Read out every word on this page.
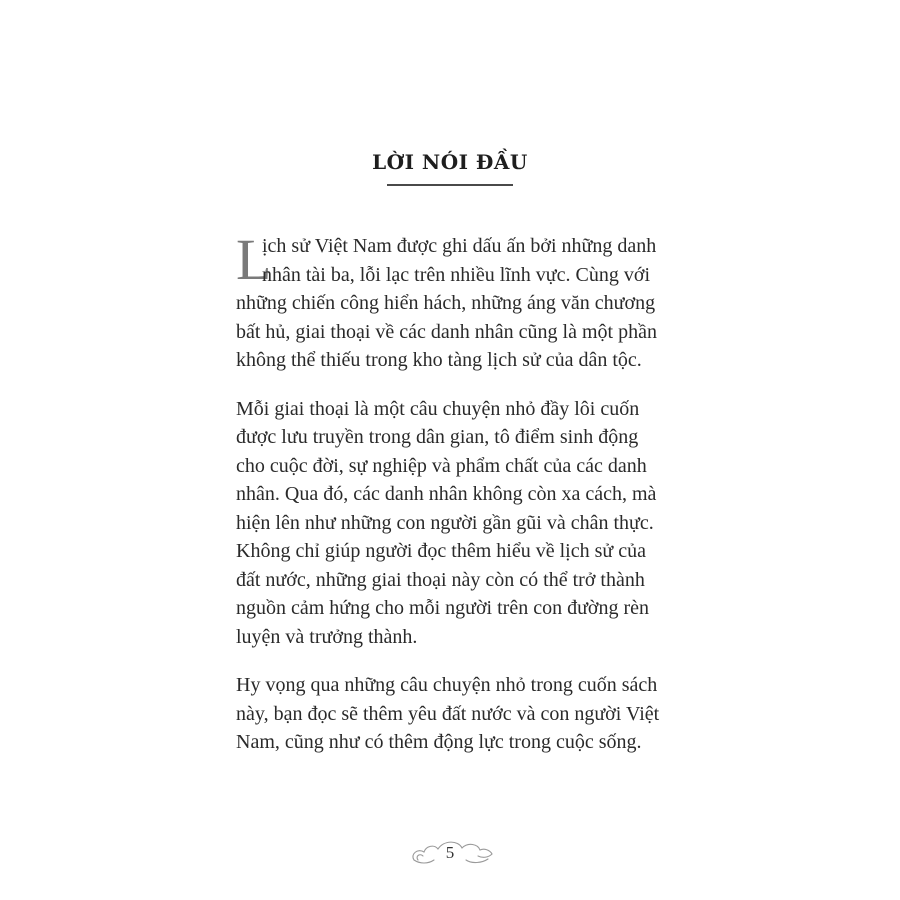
LỜI NÓI ĐẦU

L
ịch sử Việt Nam được ghi dấu ấn bởi những danh
nhân tài ba, lỗi lạc trên nhiều lĩnh vực. Cùng với
những chiến công hiển hách, những áng văn chương bất hủ, giai thoại về các danh nhân cũng là một phần không thể thiếu trong kho tàng lịch sử của dân tộc.

Mỗi giai thoại là một câu chuyện nhỏ đầy lôi cuốn được lưu truyền trong dân gian, tô điểm sinh động cho cuộc đời, sự nghiệp và phẩm chất của các danh nhân. Qua đó, các danh nhân không còn xa cách, mà hiện lên như những con người gần gũi và chân thực. Không chỉ giúp người đọc thêm hiểu về lịch sử của đất nước, những giai thoại này còn có thể trở thành nguồn cảm hứng cho mỗi người trên con đường rèn luyện và trưởng thành.

Hy vọng qua những câu chuyện nhỏ trong cuốn sách này, bạn đọc sẽ thêm yêu đất nước và con người Việt Nam, cũng như có thêm động lực trong cuộc sống.

5
